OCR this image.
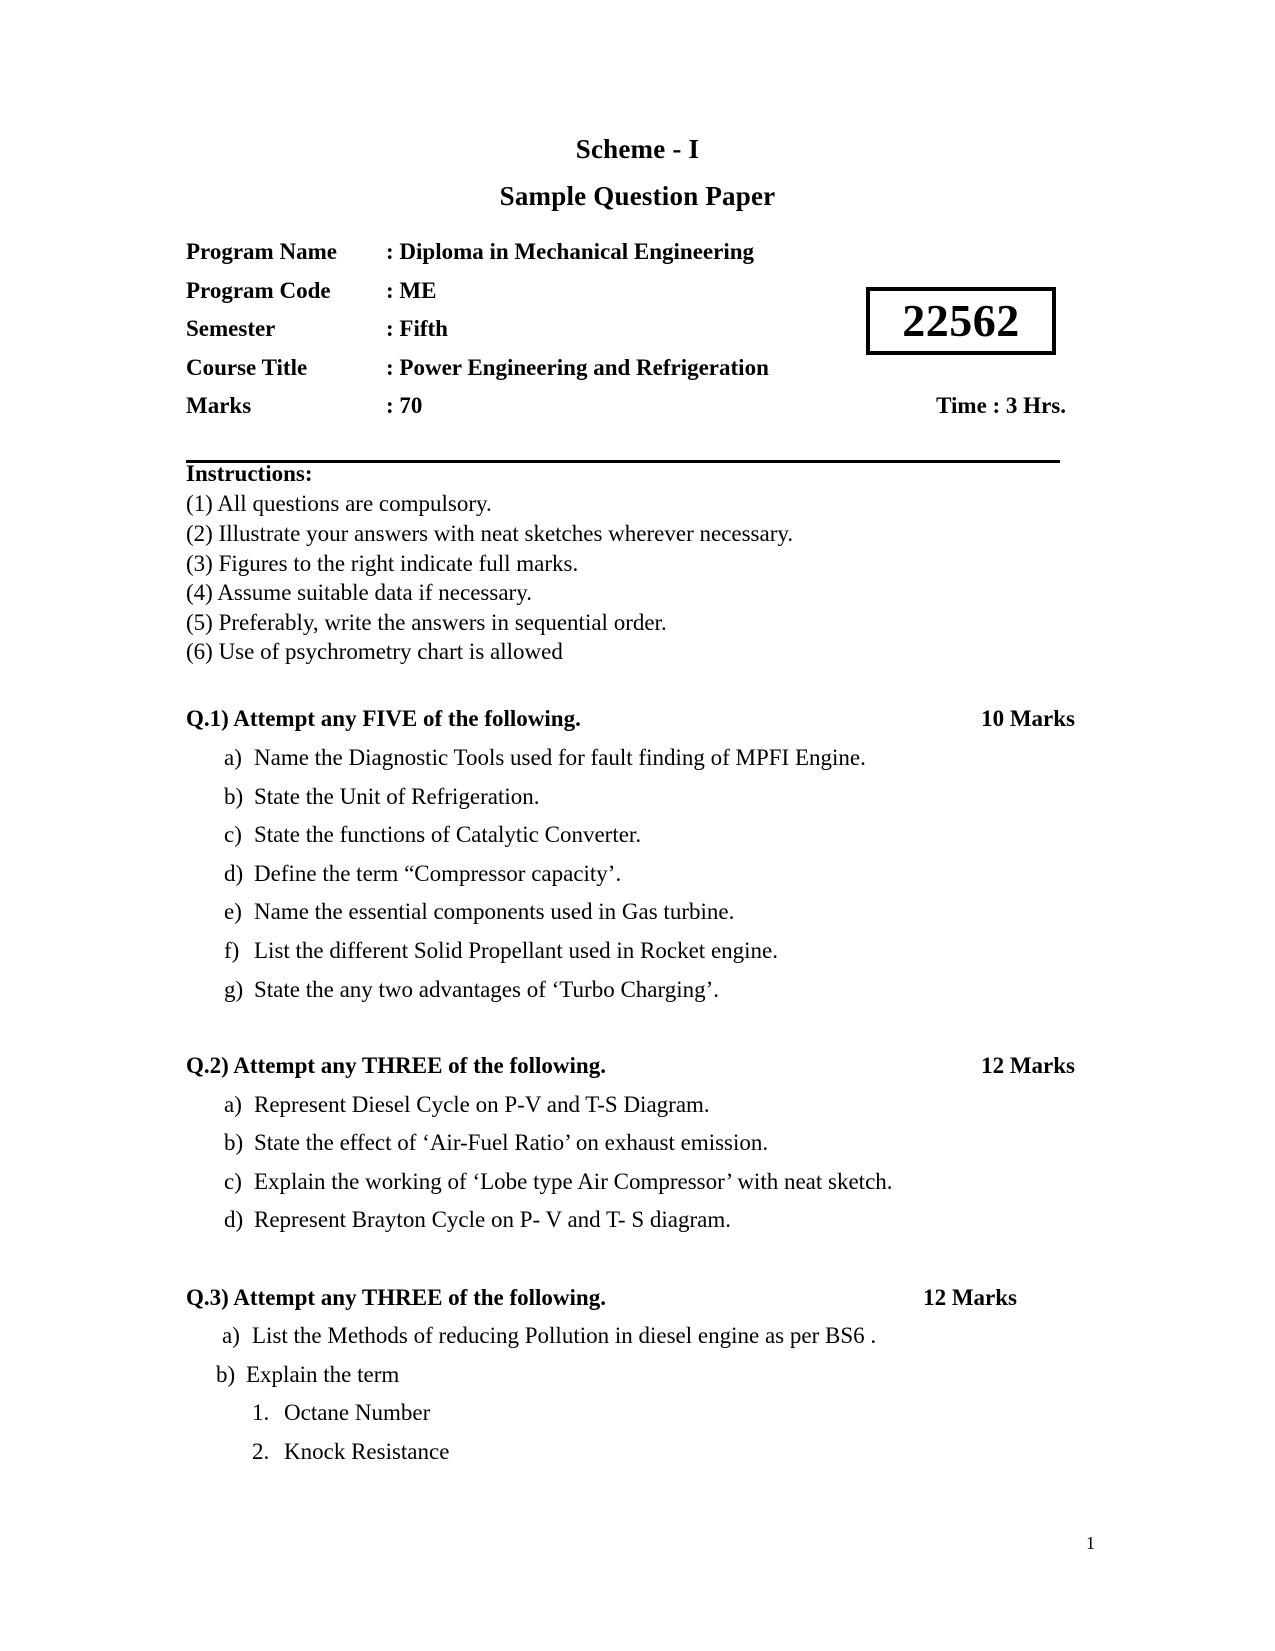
Scheme - I
Sample Question Paper
Program Name : Diploma in Mechanical Engineering
Program Code : ME
Semester	: Fifth
Course Title	: Power Engineering and Refrigeration
Marks	: 70	Time : 3 Hrs.
22562
Instructions:
(1) All questions are compulsory.
(2) Illustrate your answers with neat sketches wherever necessary.
(3) Figures to the right indicate full marks.
(4) Assume suitable data if necessary.
(5) Preferably, write the answers in sequential order.
(6) Use of psychrometry chart is allowed
Q.1) Attempt any FIVE of the following.	10 Marks
a) Name the Diagnostic Tools used for fault finding of MPFI Engine.
b) State the Unit of Refrigeration.
c) State the functions of Catalytic Converter.
d) Define the term “Compressor capacity’.
e) Name the essential components used in Gas turbine.
f) List the different Solid Propellant used in Rocket engine.
g) State the any two advantages of ‘Turbo Charging’.
Q.2) Attempt any THREE of the following.	12 Marks
a) Represent Diesel Cycle on P-V and T-S Diagram.
b) State the effect of ‘Air-Fuel Ratio’ on exhaust emission.
c) Explain the working of ‘Lobe type Air Compressor’ with neat sketch.
d) Represent Brayton Cycle on P- V and T- S diagram.
Q.3) Attempt any THREE of the following.	12 Marks
a) List the Methods of reducing Pollution in diesel engine as per BS6 .
b) Explain the term
1. Octane Number
2. Knock Resistance
1
